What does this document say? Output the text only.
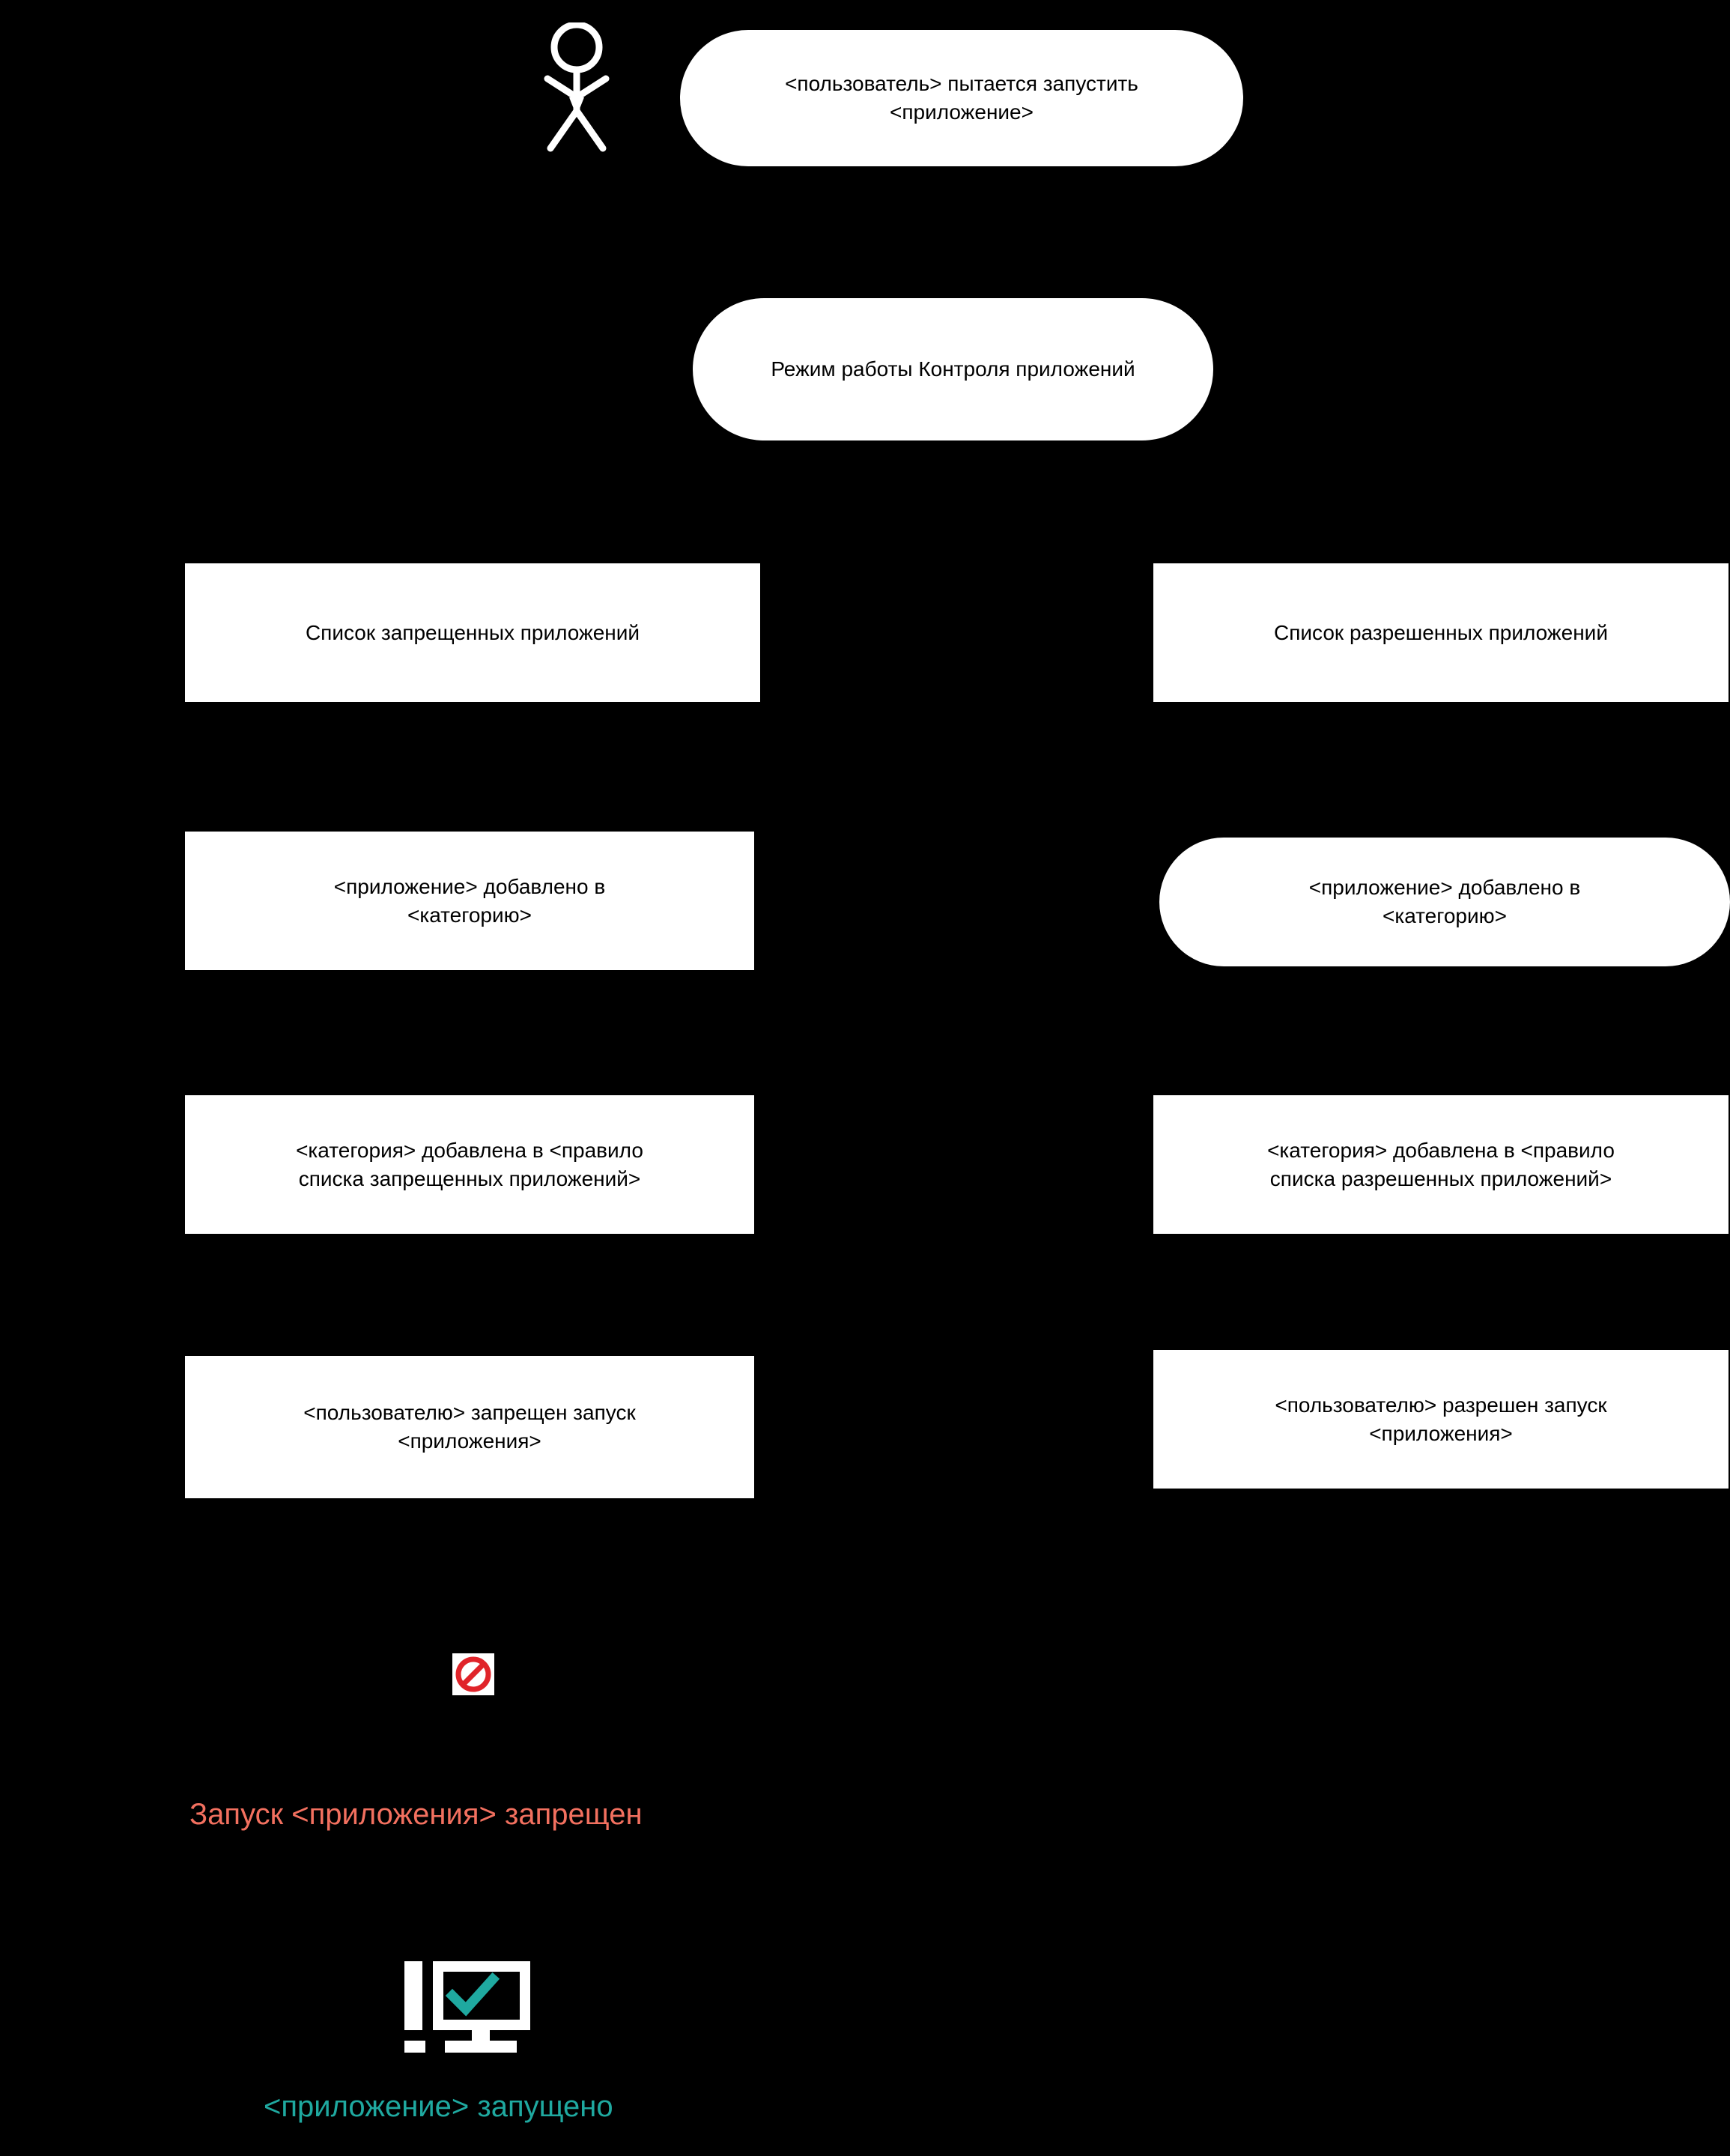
<пользователь> пытается запустить
<приложение>
Режим работы Контроля приложений
Список запрещенных приложений	Список разрешенных приложений
<приложение> добавлено в
<категорию>
<приложение> добавлено в
<категорию>
<категория> добавлена в <правило
списка запрещенных приложений>
<категория> добавлена в <правило
списка разрешенных приложений>
<пользователю> запрещен запуск
<приложения>
<пользователю> разрешен запуск
<приложения>
Запуск <приложения> запрещен
<приложение> запущено
